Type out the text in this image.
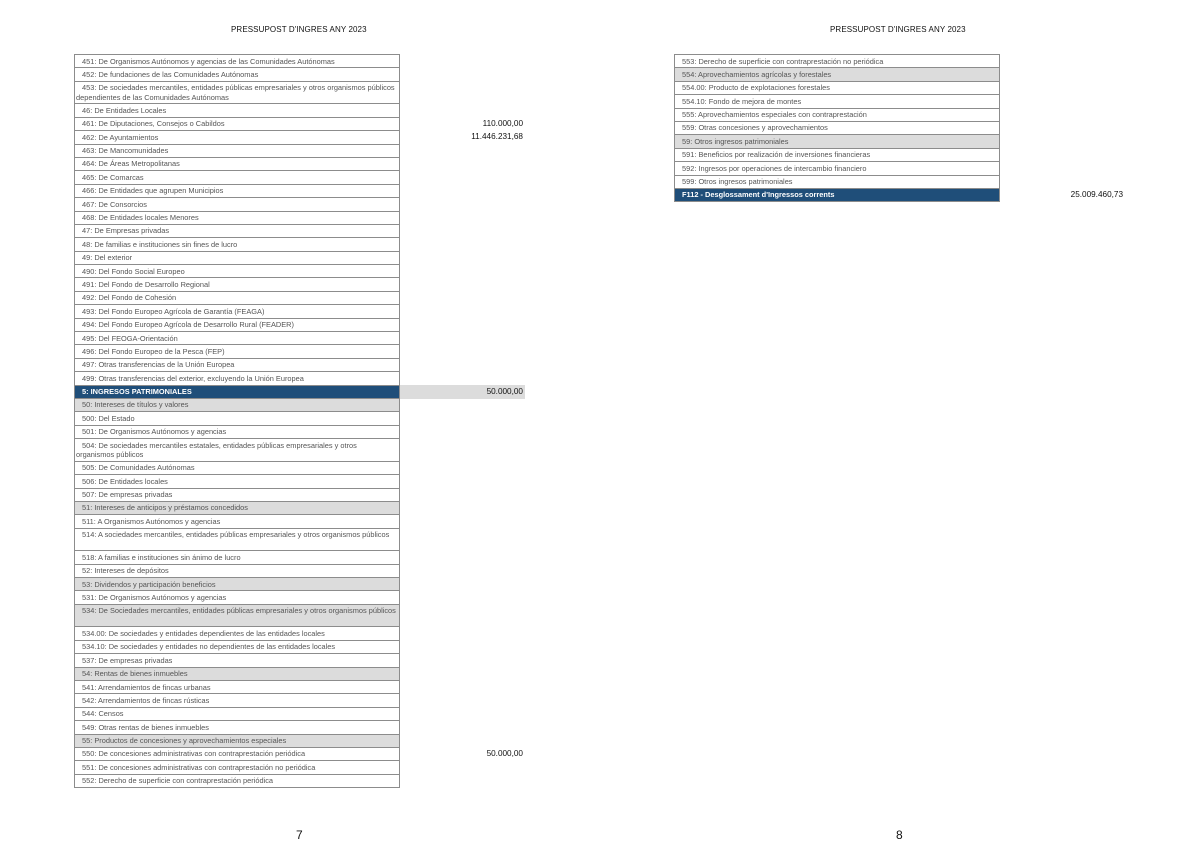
PRESSUPOST D'INGRES ANY 2023
451: De Organismos Autónomos y agencias de las Comunidades Autónomas
452: De fundaciones de las Comunidades Autónomas
453: De sociedades mercantiles, entidades públicas empresariales y otros organismos públicos dependientes de las Comunidades Autónomas
46: De Entidades Locales
461: De Diputaciones, Consejos o Cabildos
462: De Ayuntamientos
463: De Mancomunidades
464: De Áreas Metropolitanas
465: De Comarcas
466: De Entidades que agrupen Municipios
467: De Consorcios
468: De Entidades locales Menores
47: De Empresas privadas
48: De familias e instituciones sin fines de lucro
49: Del exterior
490: Del Fondo Social Europeo
491: Del Fondo de Desarrollo Regional
492: Del Fondo de Cohesión
493: Del Fondo Europeo Agrícola de Garantía (FEAGA)
494: Del Fondo Europeo Agrícola de Desarrollo Rural (FEADER)
495: Del FEOGA-Orientación
496: Del Fondo Europeo de la Pesca (FEP)
497: Otras transferencias de la Unión Europea
499: Otras transferencias del exterior, excluyendo la Unión Europea
5: INGRESOS PATRIMONIALES
50: Intereses de títulos y valores
500: Del Estado
501: De Organismos Autónomos y agencias
504: De sociedades mercantiles estatales, entidades públicas empresariales y otros organismos públicos
505: De Comunidades Autónomas
506: De Entidades locales
507: De empresas privadas
51: Intereses de anticipos y préstamos concedidos
511: A Organismos Autónomos y agencias
514: A sociedades mercantiles, entidades públicas empresariales y otros organismos públicos
518: A familias e instituciones sin ánimo de lucro
52: Intereses de depósitos
53: Dividendos y participación beneficios
531: De Organismos Autónomos y agencias
534: De Sociedades mercantiles, entidades públicas empresariales y otros organismos públicos
534.00: De sociedades y entidades dependientes de las entidades locales
534.10: De sociedades y entidades no dependientes de las entidades locales
537: De empresas privadas
54: Rentas de bienes inmuebles
541: Arrendamientos de fincas urbanas
542: Arrendamientos de fincas rústicas
544: Censos
549: Otras rentas de bienes inmuebles
55: Productos de concesiones y aprovechamientos especiales
550: De concesiones administrativas con contraprestación periódica
551: De concesiones administrativas con contraprestación no periódica
552: Derecho de superficie con contraprestación periódica
110.000,00
11.446.231,68
50.000,00
50.000,00
7
PRESSUPOST D'INGRES ANY 2023
553: Derecho de superficie con contraprestación no periódica
554: Aprovechamientos agrícolas y forestales
554.00: Producto de explotaciones forestales
554.10: Fondo de mejora de montes
555: Aprovechamientos especiales con contraprestación
559: Otras concesiones y aprovechamientos
59: Otros ingresos patrimoniales
591: Beneficios por realización de inversiones financieras
592: Ingresos por operaciones de intercambio financiero
599: Otros ingresos patrimoniales
F112 - Desglossament d'Ingressos corrents	25.009.460,73
8
